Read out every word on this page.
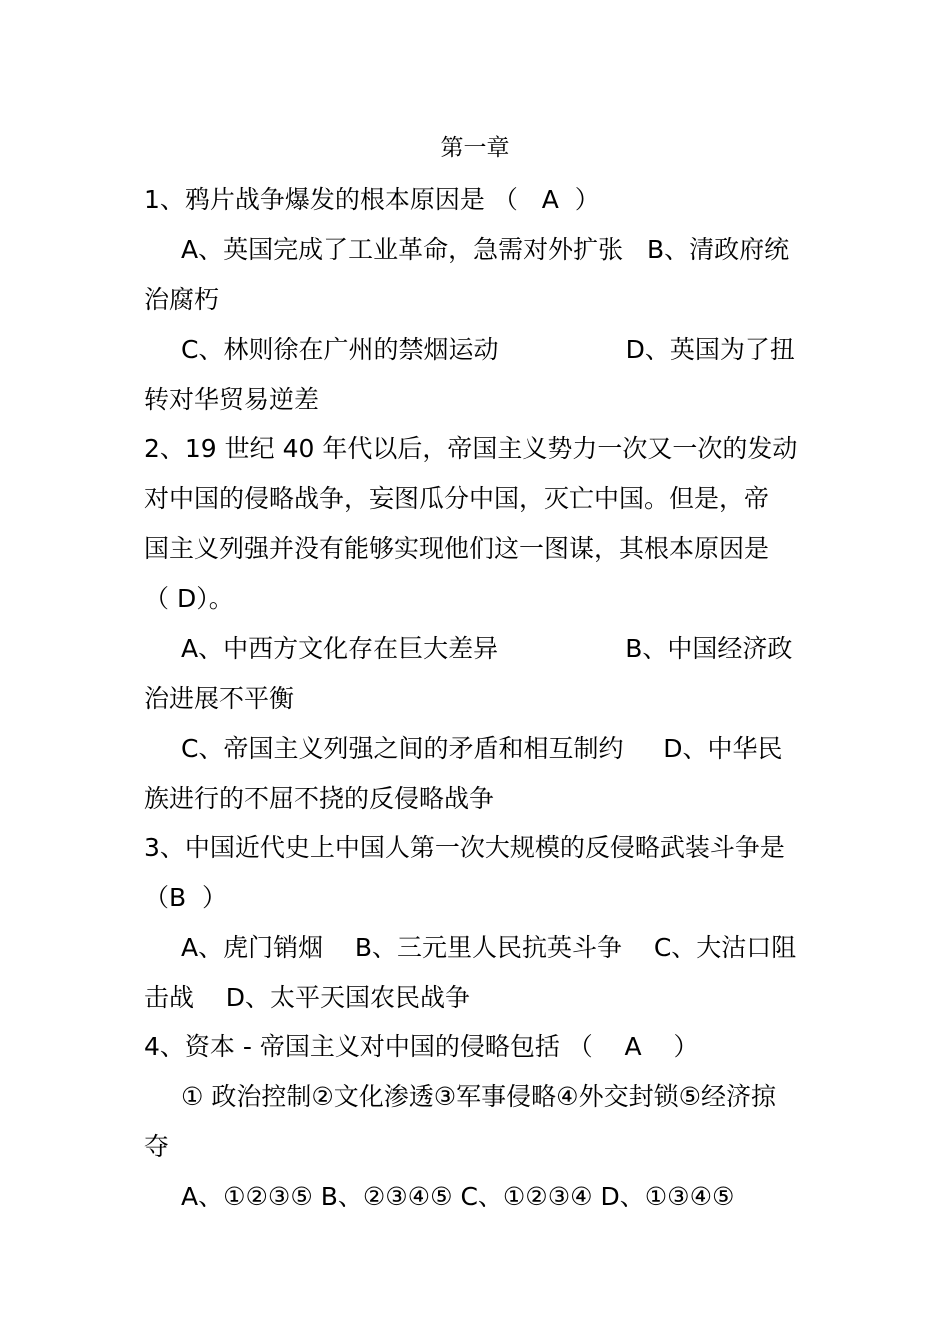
第一章
1、鸦片战争爆发的根本原因是 （   A  ）
A、英国完成了工业革命，急需对外扩张   B、清政府统
治腐朽
C、林则徐在广州的禁烟运动                D、英国为了扭
转对华贸易逆差
2、19 世纪 40 年代以后，帝国主义势力一次又一次的发动
对中国的侵略战争，妄图瓜分中国，灭亡中国。但是，帝
国主义列强并没有能够实现他们这一图谋，其根本原因是
（ D）。
A、中西方文化存在巨大差异                B、中国经济政
治进展不平衡
C、帝国主义列强之间的矛盾和相互制约     D、中华民
族进行的不屈不挠的反侵略战争
3、中国近代史上中国人第一次大规模的反侵略武装斗争是
（B  ）
A、虎门销烟    B、三元里人民抗英斗争    C、大沽口阻
击战    D、太平天国农民战争
4、资本 - 帝国主义对中国的侵略包括 （    A    ）
① 政治控制②文化渗透③军事侵略④外交封锁⑤经济掠
夺
A、①②③⑤ B、②③④⑤ C、①②③④ D、①③④⑤
